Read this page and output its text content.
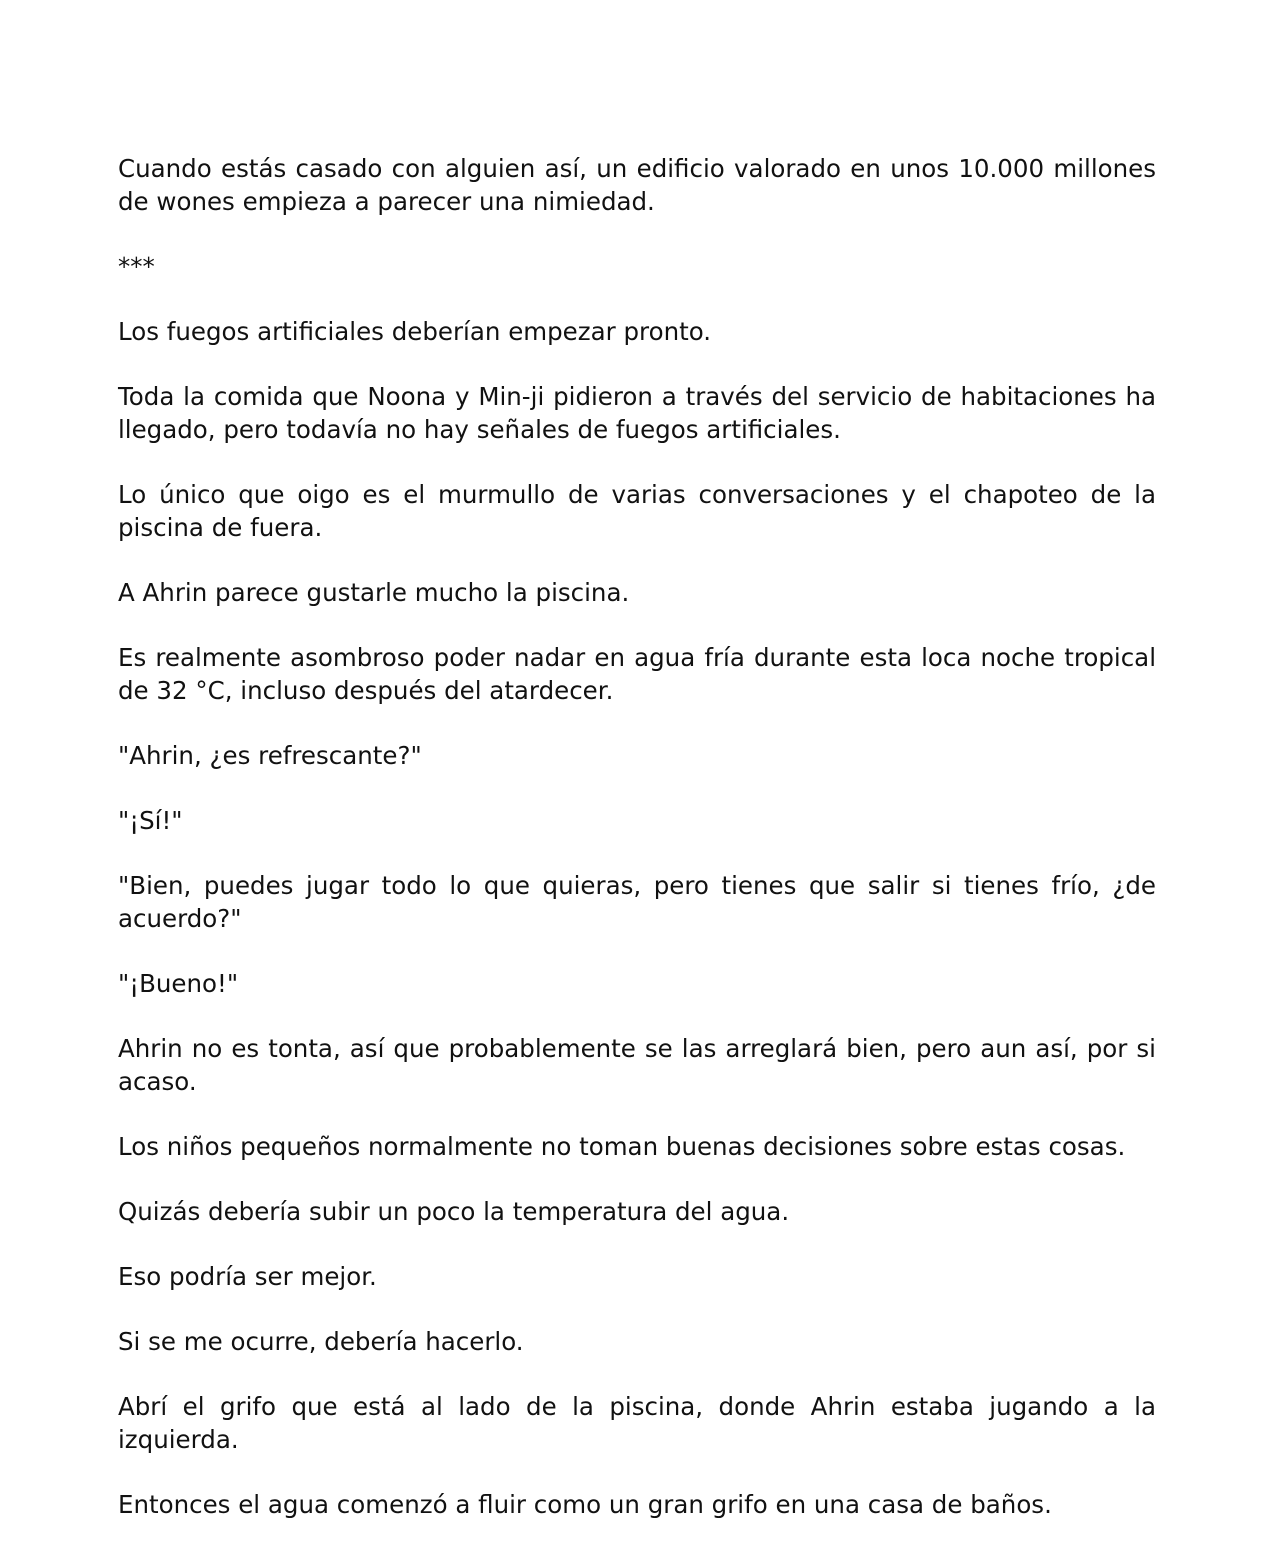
Cuando estás casado con alguien así, un edificio valorado en unos 10.000 millones de wones empieza a parecer una nimiedad.

***

Los fuegos artificiales deberían empezar pronto.

Toda la comida que Noona y Min-ji pidieron a través del servicio de habitaciones ha llegado, pero todavía no hay señales de fuegos artificiales.

Lo único que oigo es el murmullo de varias conversaciones y el chapoteo de la piscina de fuera.

A Ahrin parece gustarle mucho la piscina.

Es realmente asombroso poder nadar en agua fría durante esta loca noche tropical de 32 °C, incluso después del atardecer.

"Ahrin, ¿es refrescante?"

"¡Sí!"

"Bien, puedes jugar todo lo que quieras, pero tienes que salir si tienes frío, ¿de acuerdo?"

"¡Bueno!"

Ahrin no es tonta, así que probablemente se las arreglará bien, pero aun así, por si acaso.

Los niños pequeños normalmente no toman buenas decisiones sobre estas cosas.

Quizás debería subir un poco la temperatura del agua.

Eso podría ser mejor.

Si se me ocurre, debería hacerlo.

Abrí el grifo que está al lado de la piscina, donde Ahrin estaba jugando a la izquierda.

Entonces el agua comenzó a fluir como un gran grifo en una casa de baños.
